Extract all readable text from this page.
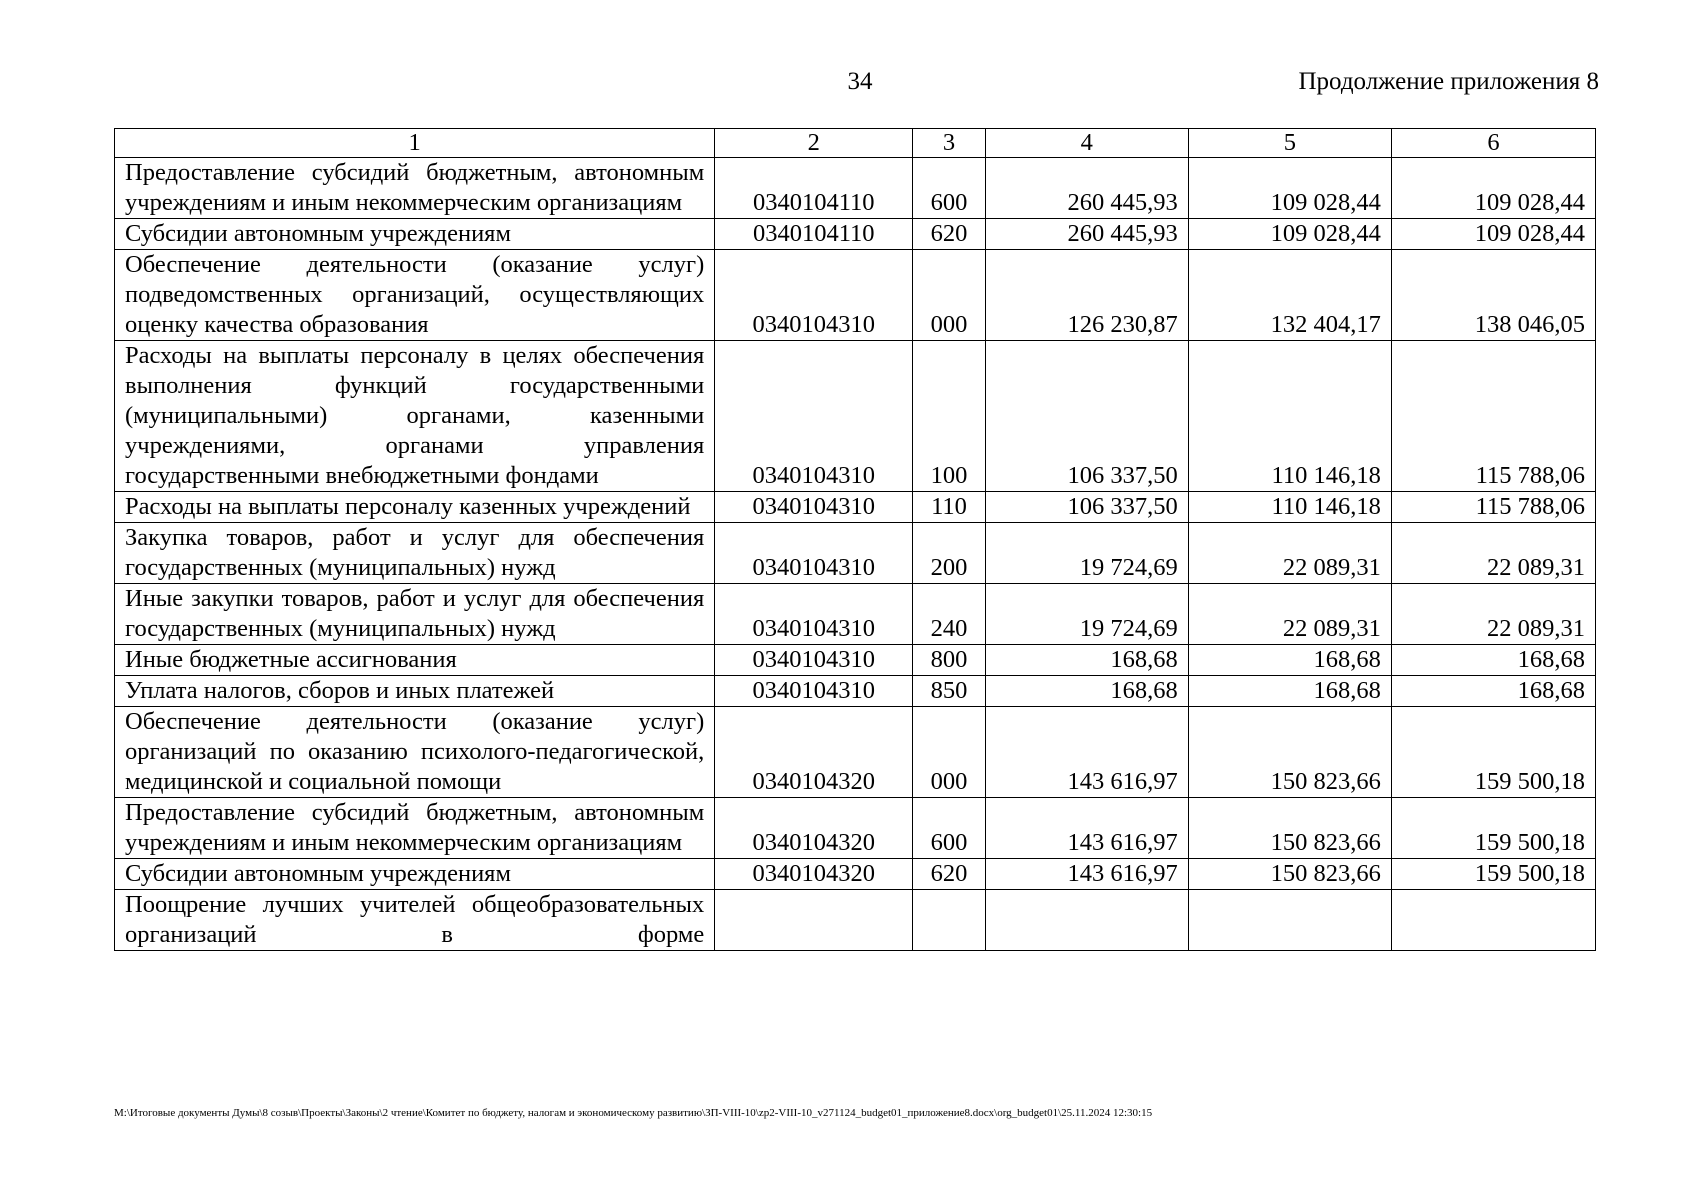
34	Продолжение приложения 8
1	2	3	4	5	6
Предоставление субсидий бюджетным, автономным учреждениям и иным некоммерческим организациям	0340104110	600	260 445,93	109 028,44	109 028,44
Субсидии автономным учреждениям	0340104110	620	260 445,93	109 028,44	109 028,44
Обеспечение деятельности (оказание услуг) подведомственных организаций, осуществляющих оценку качества образования	0340104310	000	126 230,87	132 404,17	138 046,05
Расходы на выплаты персоналу в целях обеспечения выполнения функций государственными (муниципальными) органами, казенными учреждениями, органами управления государственными внебюджетными фондами	0340104310	100	106 337,50	110 146,18	115 788,06
Расходы на выплаты персоналу казенных учреждений	0340104310	110	106 337,50	110 146,18	115 788,06
Закупка товаров, работ и услуг для обеспечения государственных (муниципальных) нужд	0340104310	200	19 724,69	22 089,31	22 089,31
Иные закупки товаров, работ и услуг для обеспечения государственных (муниципальных) нужд	0340104310	240	19 724,69	22 089,31	22 089,31
Иные бюджетные ассигнования	0340104310	800	168,68	168,68	168,68
Уплата налогов, сборов и иных платежей	0340104310	850	168,68	168,68	168,68
Обеспечение деятельности (оказание услуг) организаций по оказанию психолого-педагогической, медицинской и социальной помощи	0340104320	000	143 616,97	150 823,66	159 500,18
Предоставление субсидий бюджетным, автономным учреждениям и иным некоммерческим организациям	0340104320	600	143 616,97	150 823,66	159 500,18
Субсидии автономным учреждениям	0340104320	620	143 616,97	150 823,66	159 500,18
Поощрение лучших учителей общеобразовательных организаций в форме					
M:\Итоговые документы Думы\8 созыв\Проекты\Законы\2 чтение\Комитет по бюджету, налогам и экономическому развитию\ЗП-VIII-10\zp2-VIII-10_v271124_budget01_приложение8.docx\org_budget01\25.11.2024 12:30:15
